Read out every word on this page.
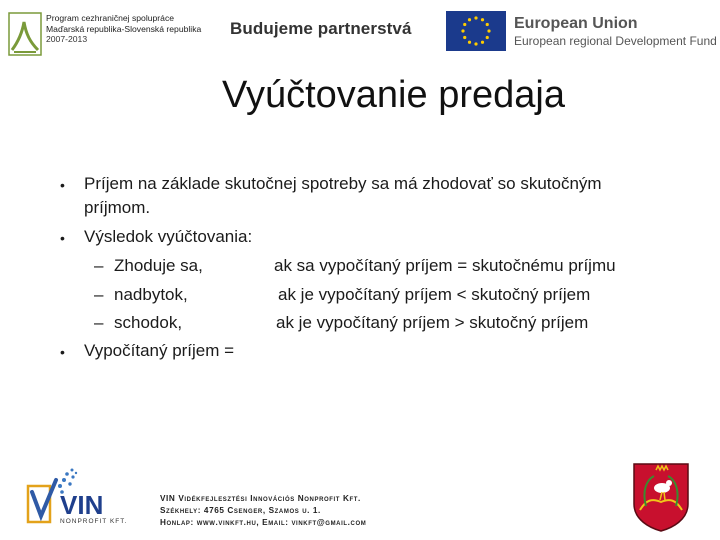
Program cezhraničnej spolupráce
Maďarská republika-Slovenská republika
2007-2013
Budujeme partnerstvá	European Union
European regional Development Fund
Vyúčtovanie predaja
• Príjem na základe skutočnej spotreby sa má zhodovať so skutočným
príjmom.
• Výsledok vyúčtovania:
– Zhoduje sa,	ak sa vypočítaný príjem = skutočnému príjmu
– nadbytok,	ak je vypočítaný príjem < skutočný príjem
– schodok,	ak je vypočítaný príjem > skutočný príjem
• Vypočítaný príjem =
VIN
NONPROFIT KFT.
VIN Vidékfejlesztési Innovációs Nonprofit Kft.
Székhely: 4765 Csenger, Szamos u. 1.
Honlap: www.vinkft.hu, Email: vinkft@gmail.com
